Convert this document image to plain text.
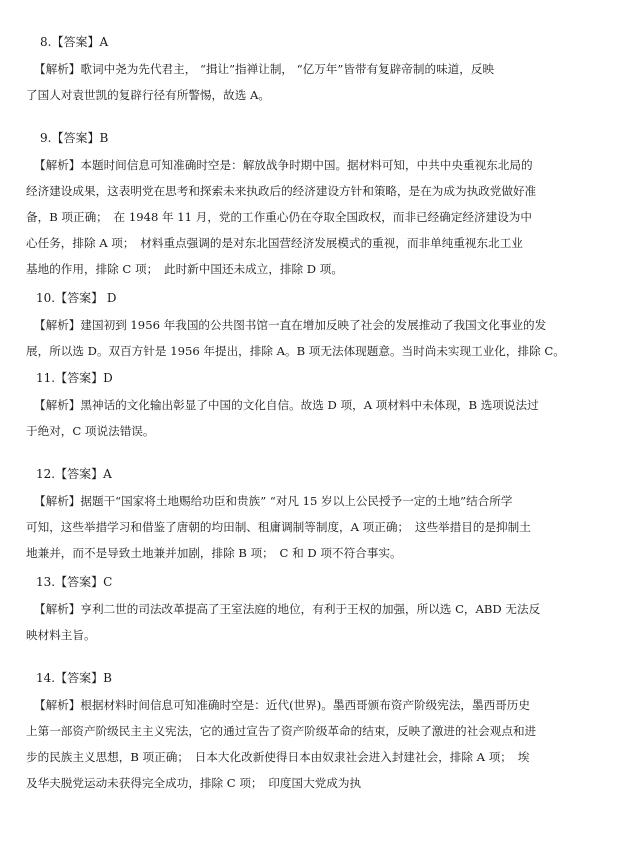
8.【答案】A
【解析】歌词中尧为先代君主， “揖让”指禅让制， “亿万年”皆带有复辟帝制的味道，反映
了国人对袁世凯的复辟行径有所警惕，故选 A。
9.【答案】B
【解析】本题时间信息可知准确时空是：解放战争时期中国。据材料可知，中共中央重视东北局的
经济建设成果，这表明党在思考和探索未来执政后的经济建设方针和策略，是在为成为执政党做好准
备，B 项正确；　在 1948 年 11 月，党的工作重心仍在夺取全国政权，而非已经确定经济建设为中
心任务，排除 A 项；　材料重点强调的是对东北国营经济发展模式的重视，而非单纯重视东北工业
基地的作用，排除 C 项；　此时新中国还未成立，排除 D 项。
10.【答案】 D
【解析】建国初到 1956 年我国的公共图书馆一直在增加反映了社会的发展推动了我国文化事业的发
展，所以选 D。双百方针是 1956 年提出，排除 A。B 项无法体现题意。当时尚未实现工业化，排除 C。
11.【答案】D
【解析】黑神话的文化输出彰显了中国的文化自信。故选 D 项，A 项材料中未体现，B 选项说法过
于绝对，C 项说法错误。
12.【答案】A
【解析】据题干“国家将土地赐给功臣和贵族” “对凡 15 岁以上公民授予一定的土地”结合所学
可知，这些举措学习和借鉴了唐朝的均田制、租庸调制等制度，A 项正确；　这些举措目的是抑制土
地兼并，而不是导致土地兼并加剧，排除 B 项；　C 和 D 项不符合事实。
13.【答案】C
【解析】亨利二世的司法改革提高了王室法庭的地位，有利于王权的加强，所以选 C，ABD 无法反
映材料主旨。
14.【答案】B
【解析】根据材料时间信息可知准确时空是：近代(世界)。墨西哥颁布资产阶级宪法，墨西哥历史
上第一部资产阶级民主主义宪法，它的通过宣告了资产阶级革命的结束，反映了激进的社会观点和进
步的民族主义思想，B 项正确；　日本大化改新使得日本由奴隶社会进入封建社会，排除 A 项；　埃
及华夫脱党运动未获得完全成功，排除 C 项；　印度国大党成为执
